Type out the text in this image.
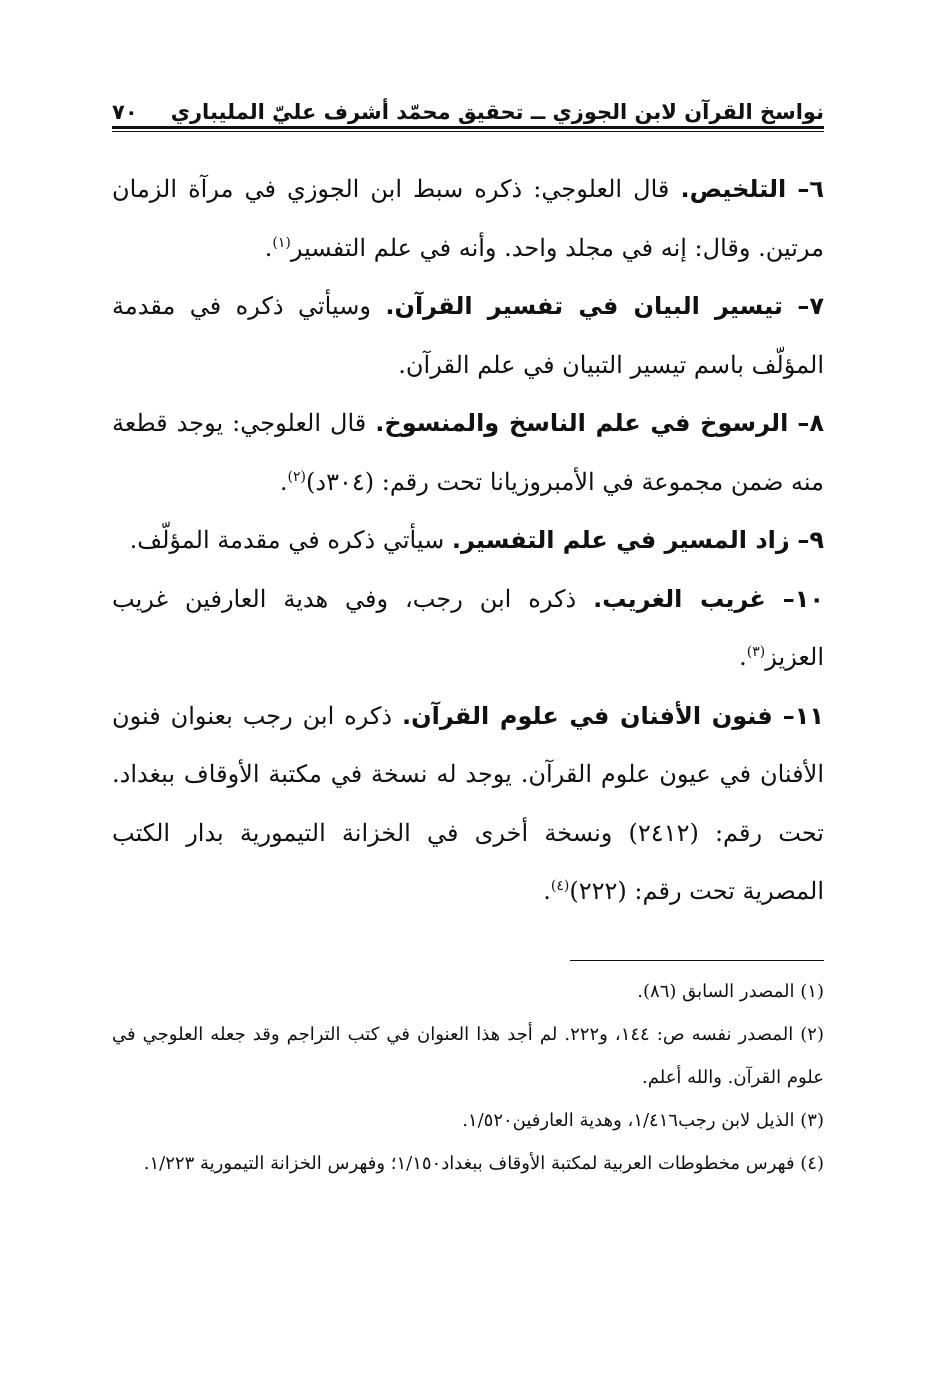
نواسخ القرآن لابن الجوزي ــ تحقيق محمّد أشرف عليّ المليباري
٧٠

٦– التلخيص. قال العلوجي: ذكره سبط ابن الجوزي في مرآة الزمان مرتين. وقال: إنه في مجلد واحد. وأنه في علم التفسير$^{(١)}$.

٧– تيسير البيان في تفسير القرآن. وسيأتي ذكره في مقدمة المؤلّف باسم تيسير التبيان في علم القرآن.

٨– الرسوخ في علم الناسخ والمنسوخ. قال العلوجي: يوجد قطعة منه ضمن مجموعة في الأمبروزيانا تحت رقم: (٣٠٤د)$^{(٢)}$.

٩– زاد المسير في علم التفسير. سيأتي ذكره في مقدمة المؤلّف.

١٠– غريب الغريب. ذكره ابن رجب، وفي هدية العارفين غريب العزيز$^{(٣)}$.

١١– فنون الأفنان في علوم القرآن. ذكره ابن رجب بعنوان فنون الأفنان في عيون علوم القرآن. يوجد له نسخة في مكتبة الأوقاف ببغداد. تحت رقم: (٢٤١٢) ونسخة أخرى في الخزانة التيمورية بدار الكتب المصرية تحت رقم: (٢٢٢)$^{(٤)}$.

(١) المصدر السابق (٨٦).

(٢) المصدر نفسه ص: ١٤٤، و٢٢٢. لم أجد هذا العنوان في كتب التراجم وقد جعله العلوجي في علوم القرآن. والله أعلم.

(٣) الذيل لابن رجب١/٤١٦، وهدية العارفين١/٥٢٠.

(٤) فهرس مخطوطات العربية لمكتبة الأوقاف ببغداد١/١٥٠؛ وفهرس الخزانة التيمورية ١/٢٢٣.
